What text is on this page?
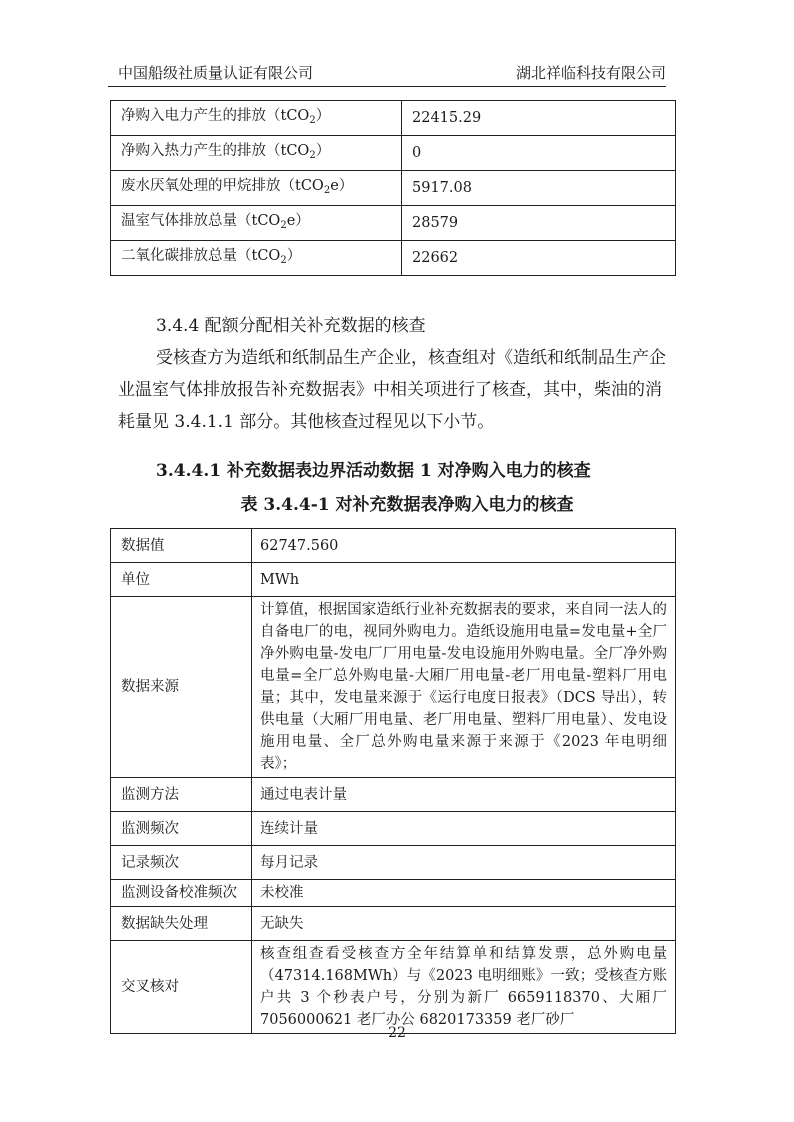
中国船级社质量认证有限公司	湖北祥临科技有限公司
净购入电力产生的排放（tCO$_2$）	22415.29
净购入热力产生的排放（tCO$_2$）	0
废水厌氧处理的甲烷排放（tCO$_2$e）	5917.08
温室气体排放总量（tCO$_2$e）	28579
二氧化碳排放总量（tCO$_2$）	22662
3.4.4 配额分配相关补充数据的核查
受核查方为造纸和纸制品生产企业，核查组对《造纸和纸制品生产企业温室气体排放报告补充数据表》中相关项进行了核查，其中，柴油的消耗量见 3.4.1.1 部分。其他核查过程见以下小节。
3.4.4.1 补充数据表边界活动数据 1 对净购入电力的核查
表 3.4.4-1 对补充数据表净购入电力的核查
数据值	62747.560
单位	MWh
数据来源	计算值，根据国家造纸行业补充数据表的要求，来自同一法人的自备电厂的电，视同外购电力。造纸设施用电量=发电量+全厂净外购电量-发电厂厂用电量-发电设施用外购电量。全厂净外购电量=全厂总外购电量-大厢厂用电量-老厂用电量-塑料厂用电量；其中，发电量来源于《运行电度日报表》（DCS 导出），转供电量（大厢厂用电量、老厂用电量、塑料厂用电量）、发电设施用电量、全厂总外购电量来源于来源于《2023 年电明细表》；
监测方法	通过电表计量
监测频次	连续计量
记录频次	每月记录
监测设备校准频次	未校准
数据缺失处理	无缺失
交叉核对	核查组查看受核查方全年结算单和结算发票，总外购电量（47314.168MWh）与《2023 电明细账》一致；受核查方账户共 3 个秒表户号，分别为新厂 6659118370、大厢厂 7056000621 老厂办公 6820173359 老厂砂厂
22
